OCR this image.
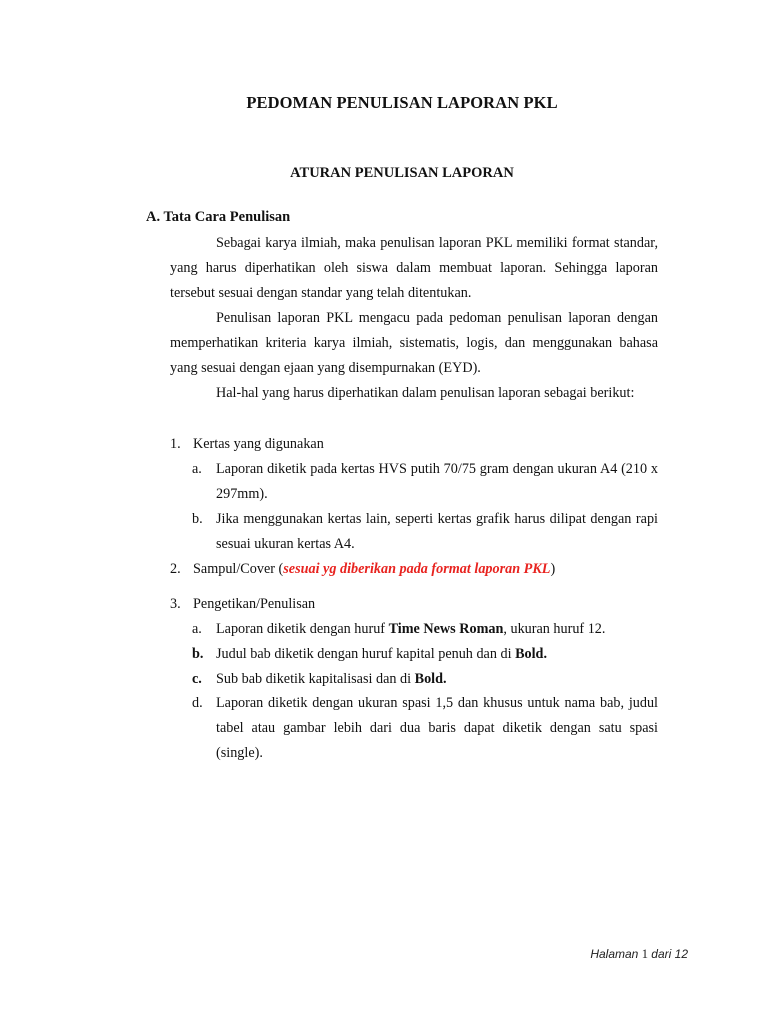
PEDOMAN PENULISAN LAPORAN PKL
ATURAN PENULISAN LAPORAN
A. Tata Cara Penulisan
Sebagai karya ilmiah, maka penulisan laporan PKL memiliki format standar, yang harus diperhatikan oleh siswa dalam membuat laporan. Sehingga laporan tersebut sesuai dengan standar yang telah ditentukan.
Penulisan laporan PKL mengacu pada pedoman penulisan laporan dengan memperhatikan kriteria karya ilmiah, sistematis, logis, dan menggunakan bahasa yang sesuai dengan ejaan yang disempurnakan (EYD).
Hal-hal yang harus diperhatikan dalam penulisan laporan sebagai berikut:
1. Kertas yang digunakan
a. Laporan diketik pada kertas HVS putih 70/75 gram dengan ukuran A4 (210 x 297mm).
b. Jika menggunakan kertas lain, seperti kertas grafik harus dilipat dengan rapi sesuai ukuran kertas A4.
2. Sampul/Cover (sesuai yg diberikan pada format laporan PKL)
3. Pengetikan/Penulisan
a. Laporan diketik dengan huruf Time News Roman, ukuran huruf 12.
b. Judul bab diketik dengan huruf kapital penuh dan di Bold.
c. Sub bab diketik kapitalisasi dan di Bold.
d. Laporan diketik dengan ukuran spasi 1,5 dan khusus untuk nama bab, judul tabel atau gambar lebih dari dua baris dapat diketik dengan satu spasi (single).
Halaman 1 dari 12
